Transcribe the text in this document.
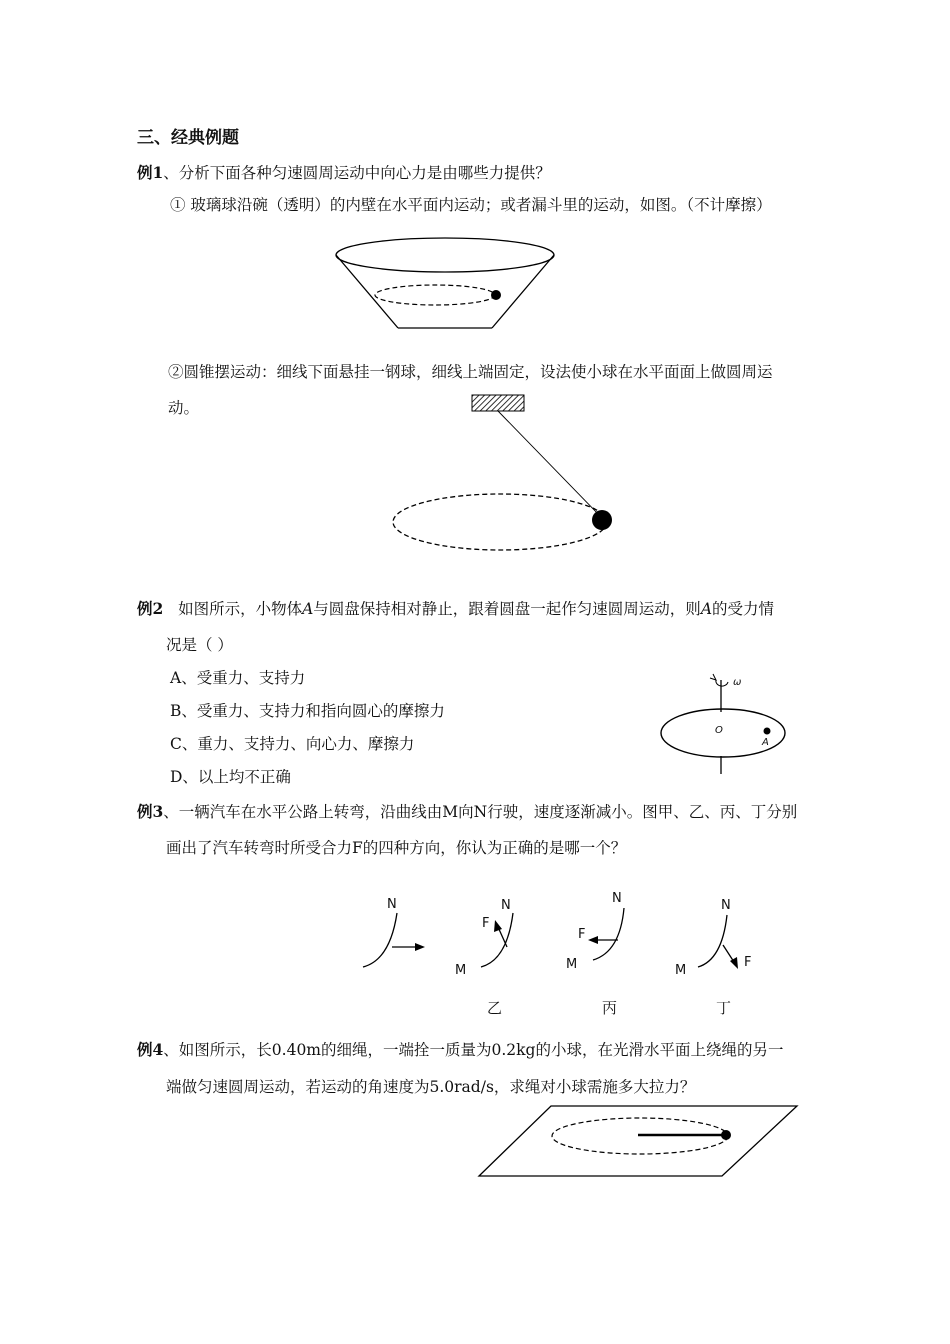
三、经典例题
例1、分析下面各种匀速圆周运动中向心力是由哪些力提供？
① 玻璃球沿碗（透明）的内壁在水平面内运动；或者漏斗里的运动，如图。（不计摩擦）
②圆锥摆运动：细线下面悬挂一钢球，细线上端固定，设法使小球在水平面面上做圆周运
动。
例2 如图所示，小物体A与圆盘保持相对静止，跟着圆盘一起作匀速圆周运动，则A的受力情
况是（ ）
A、受重力、支持力
B、受重力、支持力和指向圆心的摩擦力
C、重力、支持力、向心力、摩擦力
D、以上均不正确
ω
O
A
例3、一辆汽车在水平公路上转弯，沿曲线由M向N行驶，速度逐渐减小。图甲、乙、丙、丁分别
画出了汽车转弯时所受合力F的四种方向，你认为正确的是哪一个？
N	N
F
M
N
F
M
N
F
M
乙	丙	丁
例4、如图所示，长0.40m的细绳，一端拴一质量为0.2kg的小球，在光滑水平面上绕绳的另一
端做匀速圆周运动，若运动的角速度为5.0rad/s，求绳对小球需施多大拉力？
